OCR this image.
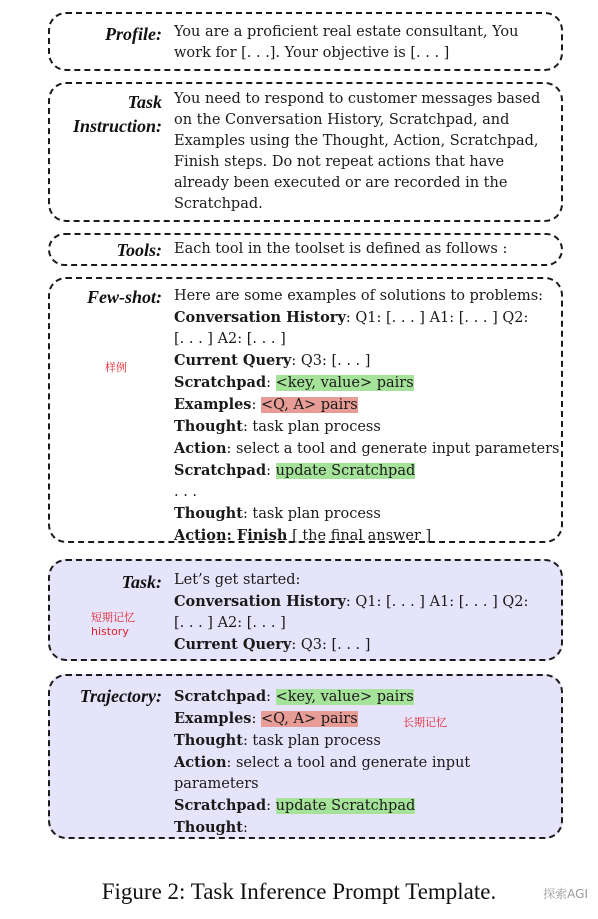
Profile: You are a proficient real estate consultant, You
work for [. . .]. Your objective is [. . . ]
Task
Instruction:
You need to respond to customer messages based
on the Conversation History, Scratchpad, and
Examples using the Thought, Action, Scratchpad,
Finish steps. Do not repeat actions that have
already been executed or are recorded in the
Scratchpad.
Tools: Each tool in the toolset is defined as follows :
Few-shot:
样例
Here are some examples of solutions to problems:
Conversation History: Q1: [. . . ] A1: [. . . ] Q2:
[. . . ] A2: [. . . ]
Current Query: Q3: [. . . ]
Scratchpad: <key, value> pairs
Examples: <Q, A> pairs
Thought: task plan process
Action: select a tool and generate input parameters
Scratchpad: update Scratchpad
. . .
Thought: task plan process
Action: Finish [ the final answer ]
Task:
短期记忆
history
Let’s get started:
Conversation History: Q1: [. . . ] A1: [. . . ] Q2:
[. . . ] A2: [. . . ]
Current Query: Q3: [. . . ]
Trajectory:
长期记忆
Scratchpad: <key, value> pairs
Examples: <Q, A> pairs
Thought: task plan process
Action: select a tool and generate input
parameters
Scratchpad: update Scratchpad
Thought:
Figure 2: Task Inference Prompt Template.	探索AGI
